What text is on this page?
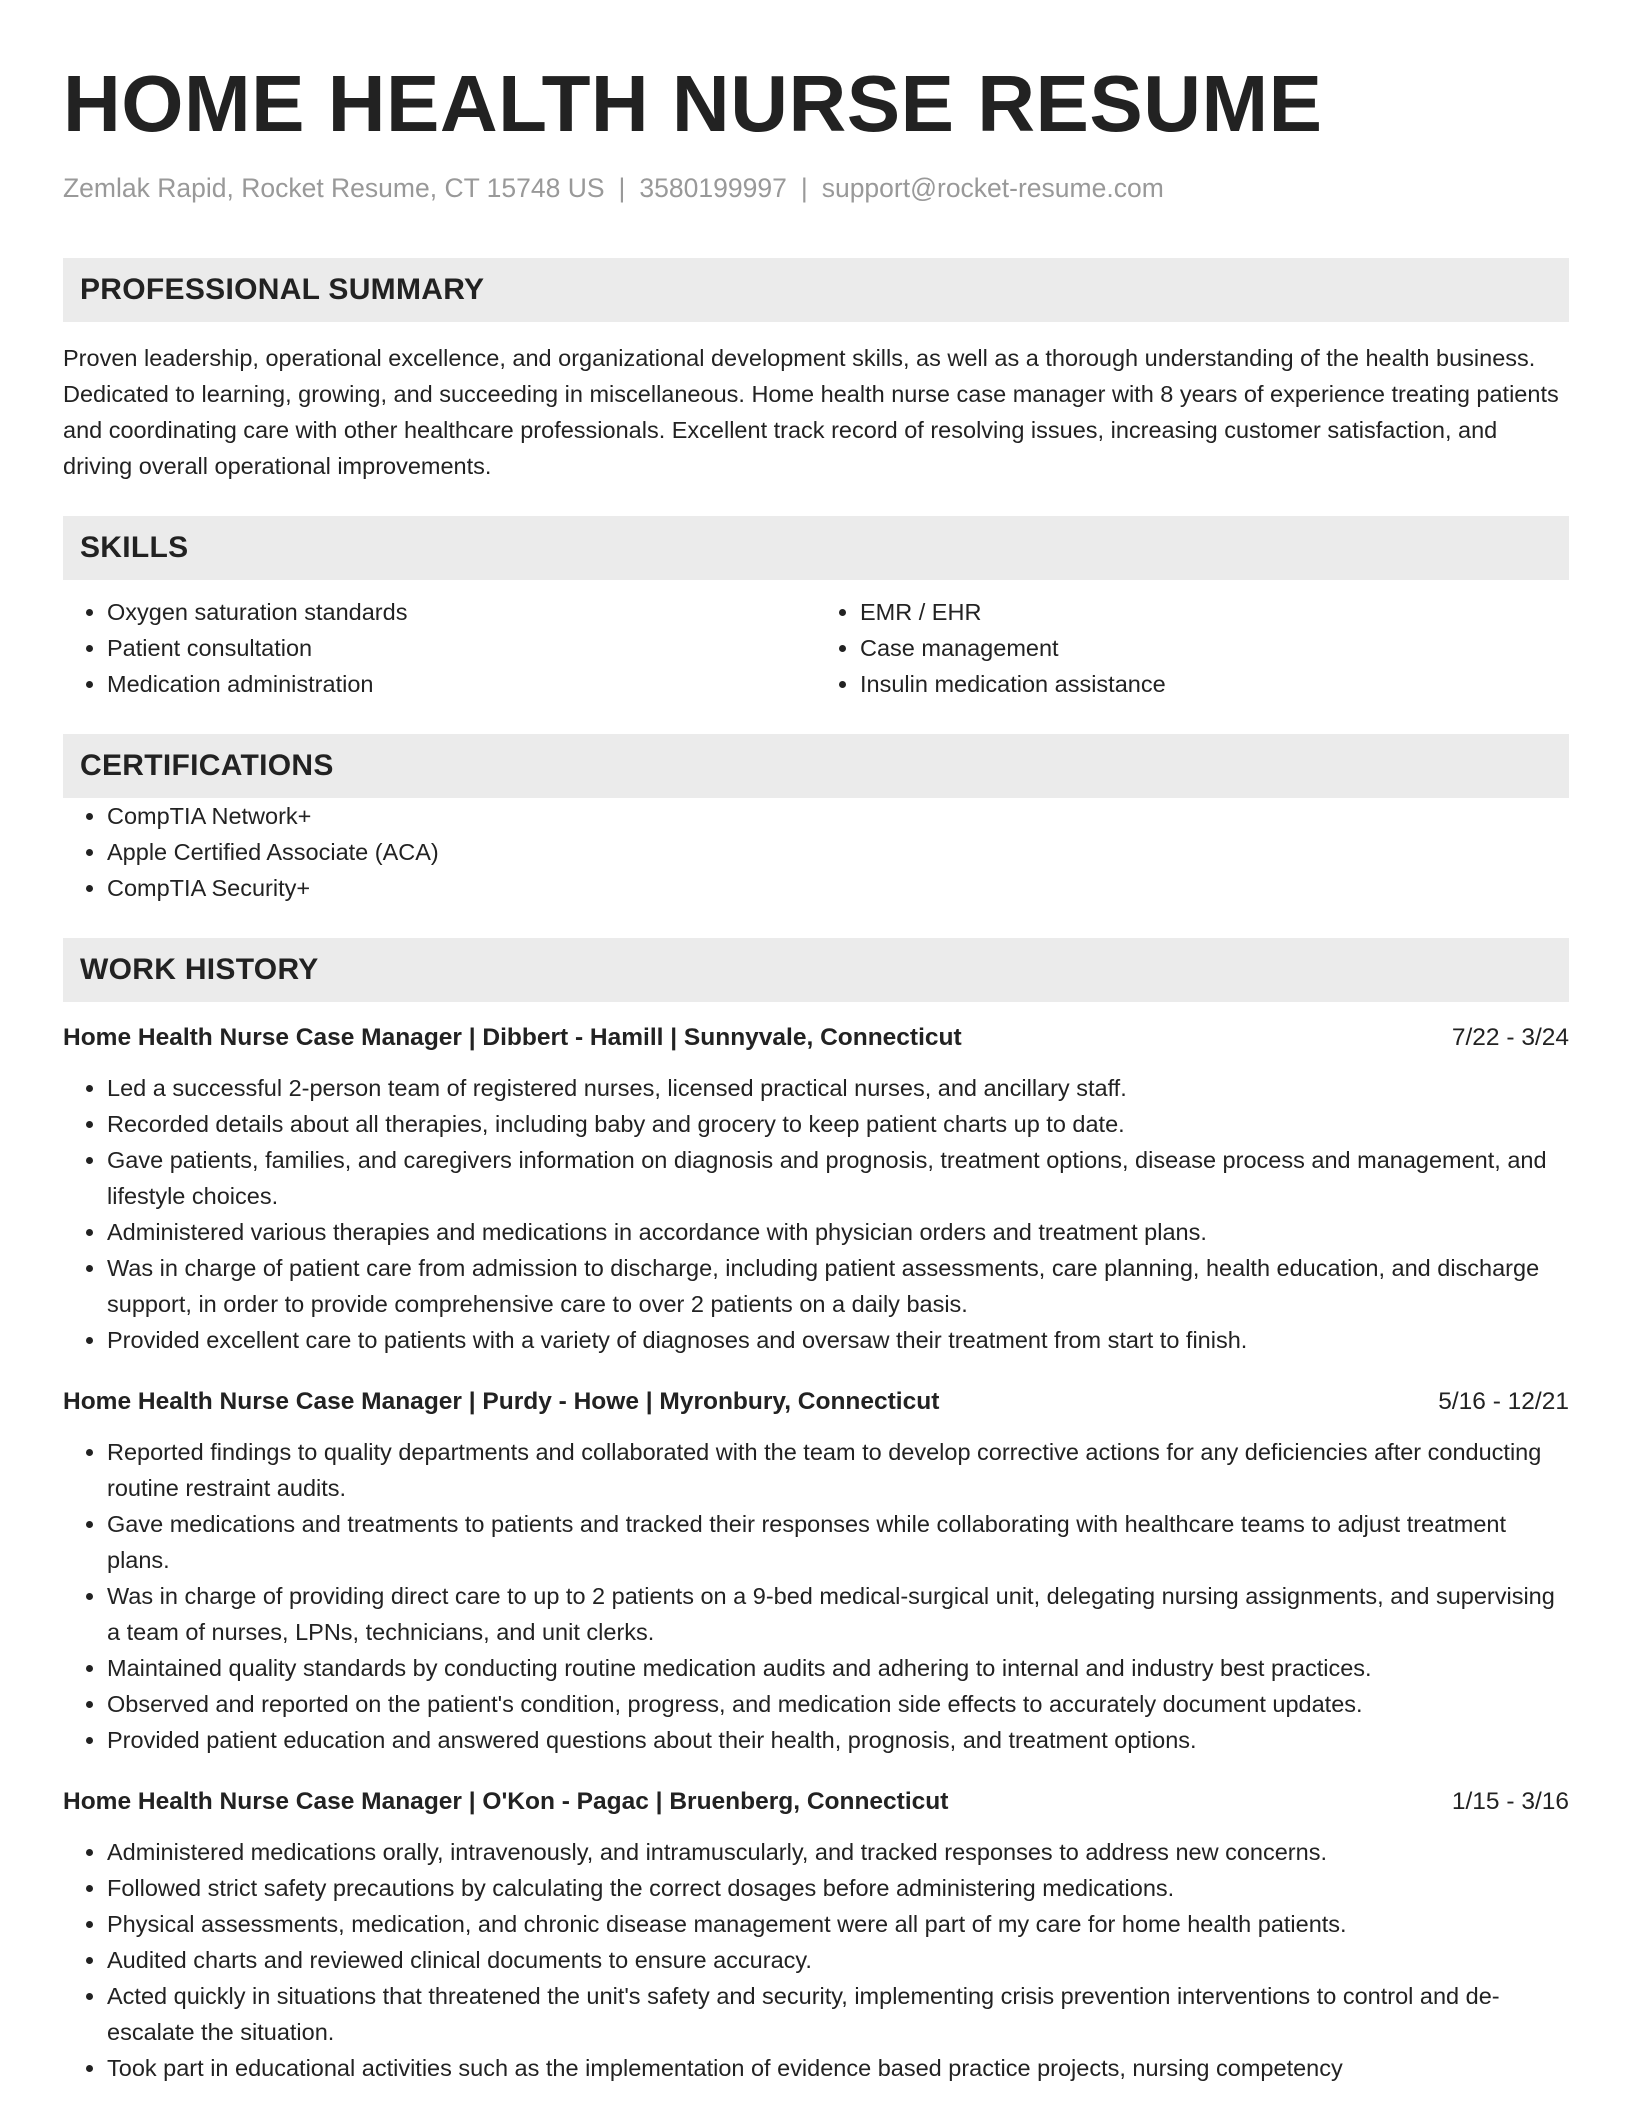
HOME HEALTH NURSE RESUME
Zemlak Rapid, Rocket Resume, CT 15748 US | 3580199997 | support@rocket-resume.com
PROFESSIONAL SUMMARY

Proven leadership, operational excellence, and organizational development skills, as well as a thorough understanding of the health business. Dedicated to learning, growing, and succeeding in miscellaneous. Home health nurse case manager with 8 years of experience treating patients and coordinating care with other healthcare professionals. Excellent track record of resolving issues, increasing customer satisfaction, and driving overall operational improvements.

SKILLS
• Oxygen saturation standards
• Patient consultation
• Medication administration
• EMR / EHR
• Case management
• Insulin medication assistance
CERTIFICATIONS
• CompTIA Network+
• Apple Certified Associate (ACA)
• CompTIA Security+
WORK HISTORY
Home Health Nurse Case Manager | Dibbert - Hamill | Sunnyvale, Connecticut	7/22 - 3/24
• Led a successful 2-person team of registered nurses, licensed practical nurses, and ancillary staff.
• Recorded details about all therapies, including baby and grocery to keep patient charts up to date.
• Gave patients, families, and caregivers information on diagnosis and prognosis, treatment options, disease process and management, and lifestyle choices.
• Administered various therapies and medications in accordance with physician orders and treatment plans.
• Was in charge of patient care from admission to discharge, including patient assessments, care planning, health education, and discharge support, in order to provide comprehensive care to over 2 patients on a daily basis.
• Provided excellent care to patients with a variety of diagnoses and oversaw their treatment from start to finish.
Home Health Nurse Case Manager | Purdy - Howe | Myronbury, Connecticut	5/16 - 12/21
• Reported findings to quality departments and collaborated with the team to develop corrective actions for any deficiencies after conducting routine restraint audits.
• Gave medications and treatments to patients and tracked their responses while collaborating with healthcare teams to adjust treatment plans.
• Was in charge of providing direct care to up to 2 patients on a 9-bed medical-surgical unit, delegating nursing assignments, and supervising a team of nurses, LPNs, technicians, and unit clerks.
• Maintained quality standards by conducting routine medication audits and adhering to internal and industry best practices.
• Observed and reported on the patient's condition, progress, and medication side effects to accurately document updates.
• Provided patient education and answered questions about their health, prognosis, and treatment options.
Home Health Nurse Case Manager | O'Kon - Pagac | Bruenberg, Connecticut	1/15 - 3/16
• Administered medications orally, intravenously, and intramuscularly, and tracked responses to address new concerns.
• Followed strict safety precautions by calculating the correct dosages before administering medications.
• Physical assessments, medication, and chronic disease management were all part of my care for home health patients.
• Audited charts and reviewed clinical documents to ensure accuracy.
• Acted quickly in situations that threatened the unit's safety and security, implementing crisis prevention interventions to control and de-escalate the situation.
• Took part in educational activities such as the implementation of evidence based practice projects, nursing competency
